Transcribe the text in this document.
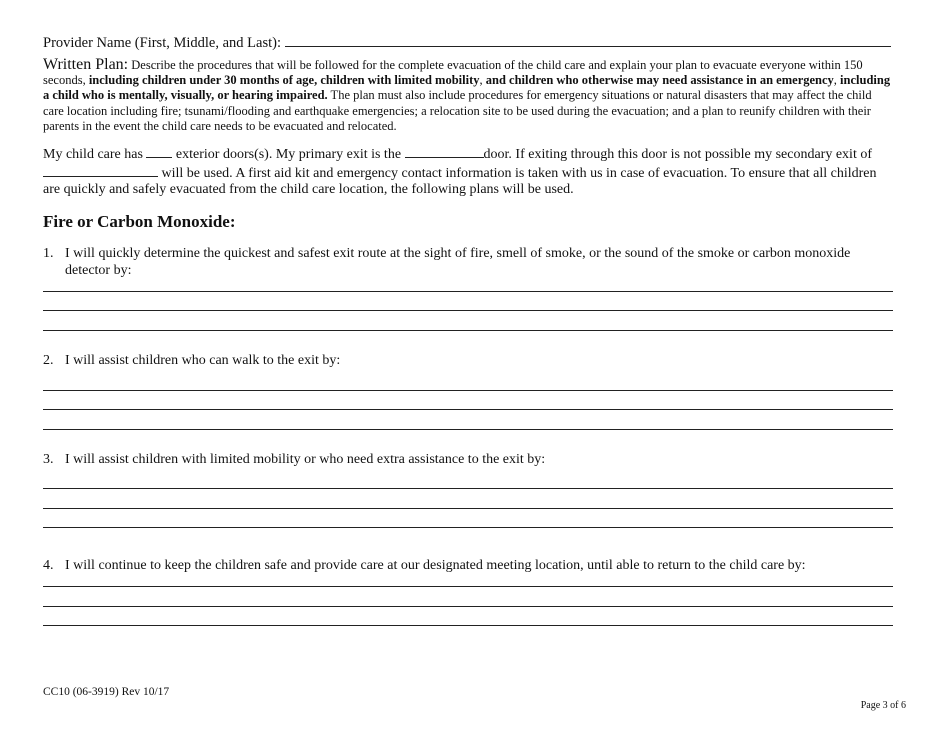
Provider Name (First, Middle, and Last):
Written Plan: Describe the procedures that will be followed for the complete evacuation of the child care and explain your plan to evacuate everyone within 150 seconds, including children under 30 months of age, children with limited mobility, and children who otherwise may need assistance in an emergency, including a child who is mentally, visually, or hearing impaired. The plan must also include procedures for emergency situations or natural disasters that may affect the child care location including fire; tsunami/flooding and earthquake emergencies; a relocation site to be used during the evacuation; and a plan to reunify children with their parents in the event the child care needs to be evacuated and relocated.
My child care has  exterior doors(s). My primary exit is the	door. If exiting through this door is not possible my secondary exit of  will be used. A first aid kit and emergency contact information is taken with us in case of evacuation. To ensure that all children are quickly and safely evacuated from the child care location, the following plans will be used.
Fire or Carbon Monoxide:
1. I will quickly determine the quickest and safest exit route at the sight of fire, smell of smoke, or the sound of the smoke or carbon monoxide
detector by:
2. I will assist children who can walk to the exit by:
3. I will assist children with limited mobility or who need extra assistance to the exit by:
4. I will continue to keep the children safe and provide care at our designated meeting location, until able to return to the child care by:
CC10 (06-3919) Rev 10/17
Page 3 of 6
